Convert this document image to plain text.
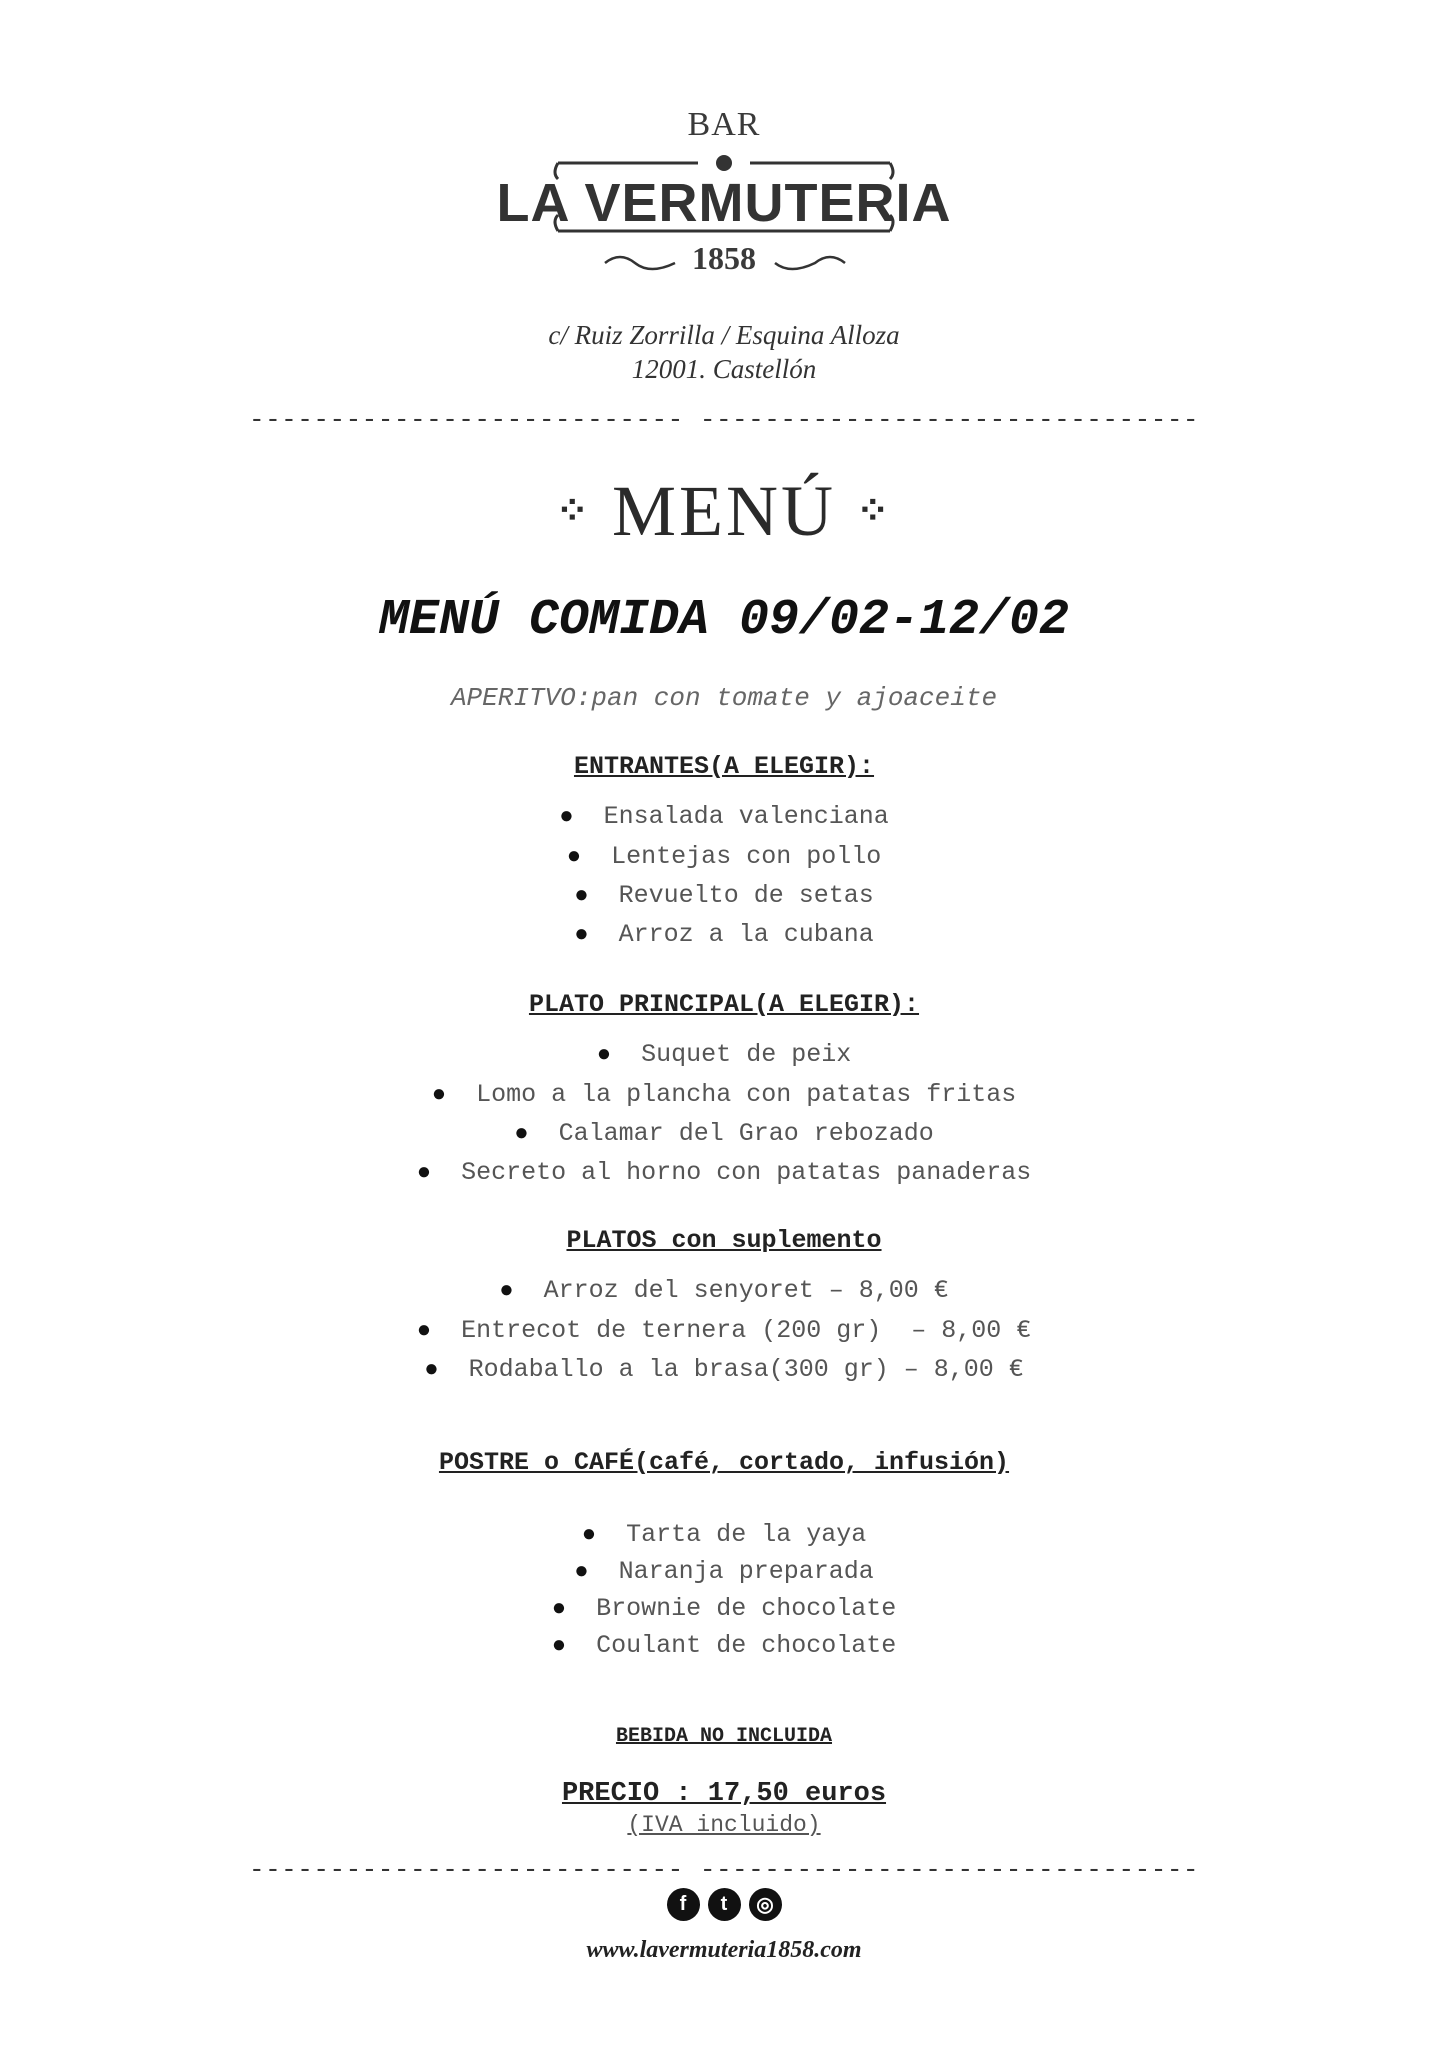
BAR
LA VERMUTERIA
1858
c/ Ruiz Zorrilla / Esquina Alloza
12001. Castellón
--------------------------- -------------------------------
⁘ MENÚ ⁘
MENÚ COMIDA 09/02-12/02
APERITVO:pan con tomate y ajoaceite
ENTRANTES(A ELEGIR):
● Ensalada valenciana
● Lentejas con pollo
● Revuelto de setas
● Arroz a la cubana
PLATO PRINCIPAL(A ELEGIR):
● Suquet de peix
● Lomo a la plancha con patatas fritas
● Calamar del Grao rebozado
● Secreto al horno con patatas panaderas
PLATOS con suplemento
● Arroz del senyoret – 8,00 €
● Entrecot de ternera (200 gr)  – 8,00 €
● Rodaballo a la brasa(300 gr) – 8,00 €
POSTRE o CAFÉ(café, cortado, infusión)
● Tarta de la yaya
● Naranja preparada
● Brownie de chocolate
● Coulant de chocolate
BEBIDA NO INCLUIDA
PRECIO : 17,50 euros
(IVA incluido)
--------------------------- -------------------------------
f	t	◎
www.lavermuteria1858.com
